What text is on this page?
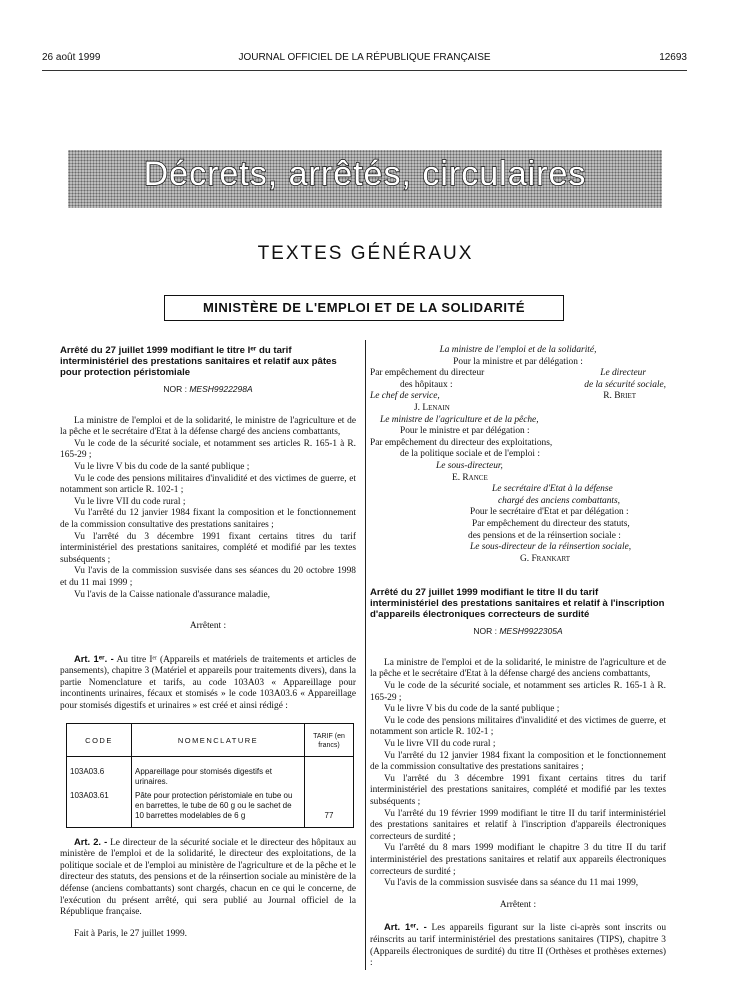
26 août 1999	JOURNAL OFFICIEL DE LA RÉPUBLIQUE FRANÇAISE	12693
Décrets, arrêtés, circulaires
TEXTES GÉNÉRAUX
MINISTÈRE DE L'EMPLOI ET DE LA SOLIDARITÉ
Arrêté du 27 juillet 1999 modifiant le titre Iᵉʳ du tarif interministériel des prestations sanitaires et relatif aux pâtes pour protection péristomiale
NOR : MESH9922298A

La ministre de l'emploi et de la solidarité, le ministre de l'agriculture et de la pêche et le secrétaire d'Etat à la défense chargé des anciens combattants,

Vu le code de la sécurité sociale, et notamment ses articles R. 165-1 à R. 165-29 ;

Vu le livre V bis du code de la santé publique ;

Vu le code des pensions militaires d'invalidité et des victimes de guerre, et notamment son article R. 102-1 ;

Vu le livre VII du code rural ;

Vu l'arrêté du 12 janvier 1984 fixant la composition et le fonctionnement de la commission consultative des prestations sanitaires ;

Vu l'arrêté du 3 décembre 1991 fixant certains titres du tarif interministériel des prestations sanitaires, complété et modifié par les textes subséquents ;

Vu l'avis de la commission susvisée dans ses séances du 20 octobre 1998 et du 11 mai 1999 ;

Vu l'avis de la Caisse nationale d'assurance maladie,

Arrêtent :

Art. 1ᵉʳ. - Au titre Iᵉʳ (Appareils et matériels de traitements et articles de pansements), chapitre 3 (Matériel et appareils pour traitements divers), dans la partie Nomenclature et tarifs, au code 103A03 « Appareillage pour incontinents urinaires, fécaux et stomisés » le code 103A03.6 « Appareillage pour stomisés digestifs et urinaires » est créé et ainsi rédigé :

CODE	NOMENCLATURE	TARIF (en francs)
103A03.6	Appareillage pour stomisés digestifs et urinaires.	
103A03.61	Pâte pour protection péristomiale en tube ou en barrettes, le tube de 60 g ou le sachet de 10 barrettes modelables de 6 g	77

Art. 2. - Le directeur de la sécurité sociale et le directeur des hôpitaux au ministère de l'emploi et de la solidarité, le directeur des exploitations, de la politique sociale et de l'emploi au ministère de l'agriculture et de la pêche et le directeur des statuts, des pensions et de la réinsertion sociale au ministère de la défense (anciens combattants) sont chargés, chacun en ce qui le concerne, de l'exécution du présent arrêté, qui sera publié au Journal officiel de la République française.

Fait à Paris, le 27 juillet 1999.

La ministre de l'emploi et de la solidarité,

Pour la ministre et par délégation :

Par empêchement du directeur	Le directeur
des hôpitaux :	de la sécurité sociale,
Le chef de service,	R. Briet

J. Lenain

Le ministre de l'agriculture et de la pêche,

Pour le ministre et par délégation :

Par empêchement du directeur des exploitations,

de la politique sociale et de l'emploi :

Le sous-directeur,

E. Rance

Le secrétaire d'Etat à la défense

chargé des anciens combattants,

Pour le secrétaire d'Etat et par délégation :

Par empêchement du directeur des statuts,

des pensions et de la réinsertion sociale :

Le sous-directeur de la réinsertion sociale,

G. Frankart

Arrêté du 27 juillet 1999 modifiant le titre II du tarif interministériel des prestations sanitaires et relatif à l'inscription d'appareils électroniques correcteurs de surdité
NOR : MESH9922305A

La ministre de l'emploi et de la solidarité, le ministre de l'agriculture et de la pêche et le secrétaire d'Etat à la défense chargé des anciens combattants,

Vu le code de la sécurité sociale, et notamment ses articles R. 165-1 à R. 165-29 ;

Vu le livre V bis du code de la santé publique ;

Vu le code des pensions militaires d'invalidité et des victimes de guerre, et notamment son article R. 102-1 ;

Vu le livre VII du code rural ;

Vu l'arrêté du 12 janvier 1984 fixant la composition et le fonctionnement de la commission consultative des prestations sanitaires ;

Vu l'arrêté du 3 décembre 1991 fixant certains titres du tarif interministériel des prestations sanitaires, complété et modifié par les textes subséquents ;

Vu l'arrêté du 19 février 1999 modifiant le titre II du tarif interministériel des prestations sanitaires et relatif à l'inscription d'appareils électroniques correcteurs de surdité ;

Vu l'arrêté du 8 mars 1999 modifiant le chapitre 3 du titre II du tarif interministériel des prestations sanitaires et relatif aux appareils électroniques correcteurs de surdité ;

Vu l'avis de la commission susvisée dans sa séance du 11 mai 1999,

Arrêtent :

Art. 1ᵉʳ. - Les appareils figurant sur la liste ci-après sont inscrits ou réinscrits au tarif interministériel des prestations sanitaires (TIPS), chapitre 3 (Appareils électroniques de surdité) du titre II (Orthèses et prothèses externes) :
